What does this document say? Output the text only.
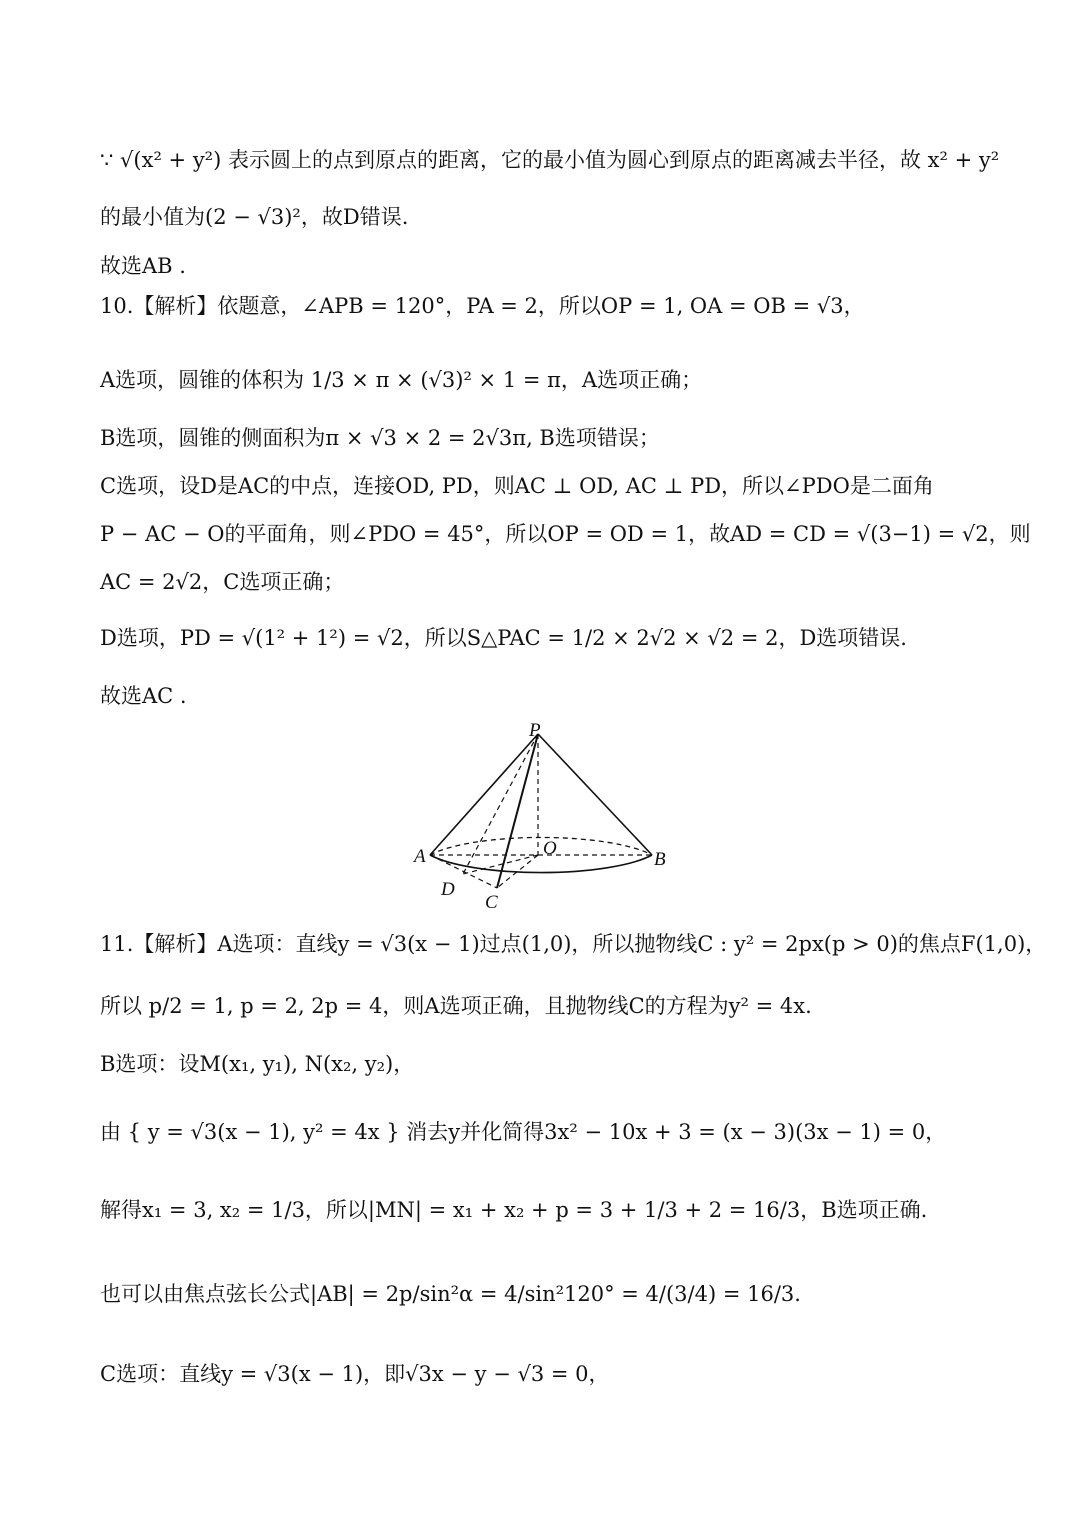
∵ √(x² + y²) 表示圆上的点到原点的距离，它的最小值为圆心到原点的距离减去半径，故 x² + y²
的最小值为(2 − √3)²，故D错误.
故选AB .
10.【解析】依题意，∠APB = 120°，PA = 2，所以OP = 1, OA = OB = √3，
A选项，圆锥的体积为 1/3 × π × (√3)² × 1 = π，A选项正确；
B选项，圆锥的侧面积为π × √3 × 2 = 2√3π, B选项错误；
C选项，设D是AC的中点，连接OD, PD，则AC ⊥ OD, AC ⊥ PD，所以∠PDO是二面角
P − AC − O的平面角，则∠PDO = 45°，所以OP = OD = 1，故AD = CD = √(3−1) = √2，则
AC = 2√2，C选项正确；
D选项，PD = √(1² + 1²) = √2，所以S△PAC = 1/2 × 2√2 × √2 = 2，D选项错误.
故选AC .
P
A	O
B
D
C
11.【解析】A选项：直线y = √3(x − 1)过点(1,0)，所以抛物线C : y² = 2px(p > 0)的焦点F(1,0)，
所以 p/2 = 1, p = 2, 2p = 4，则A选项正确，且抛物线C的方程为y² = 4x.
B选项：设M(x₁, y₁), N(x₂, y₂)，
由 { y = √3(x − 1), y² = 4x } 消去y并化简得3x² − 10x + 3 = (x − 3)(3x − 1) = 0，
解得x₁ = 3, x₂ = 1/3，所以|MN| = x₁ + x₂ + p = 3 + 1/3 + 2 = 16/3，B选项正确.
也可以由焦点弦长公式|AB| = 2p/sin²α = 4/sin²120° = 4/(3/4) = 16/3.
C选项：直线y = √3(x − 1)，即√3x − y − √3 = 0，
